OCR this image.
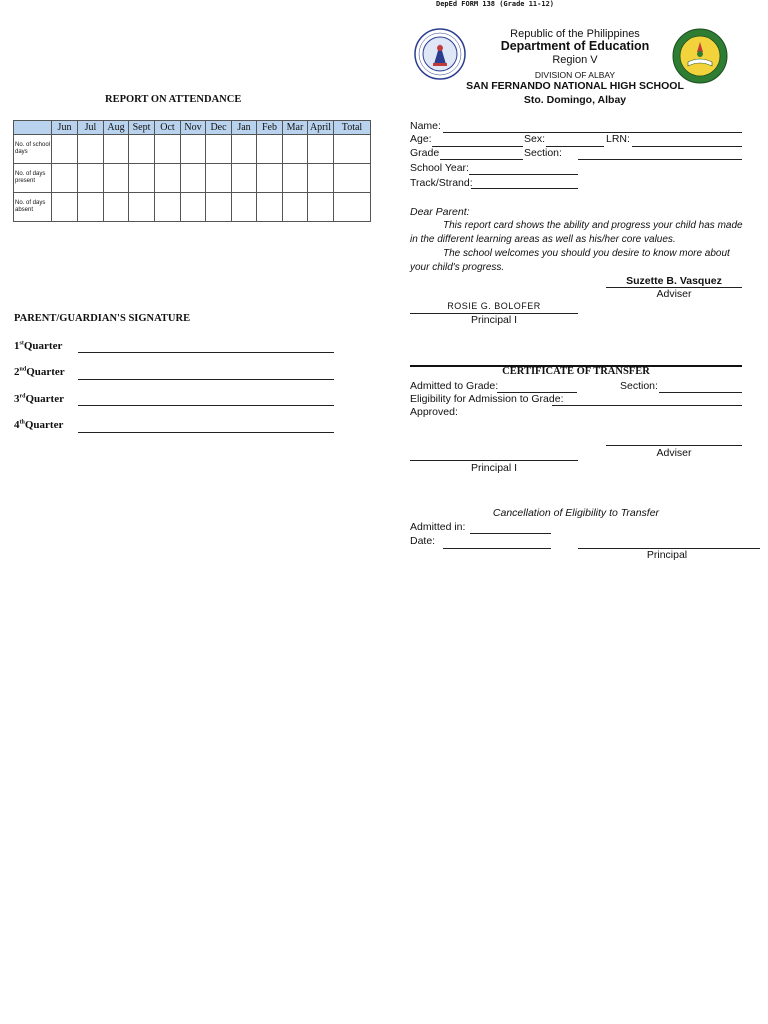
DepEd FORM 138 (Grade 11-12)
Republic of the Philippines
Department of Education
Region V
DIVISION OF ALBAY
SAN FERNANDO NATIONAL HIGH SCHOOL
Sto. Domingo, Albay
REPORT ON ATTENDANCE
	Jun	Jul	Aug	Sept	Oct	Nov	Dec	Jan	Feb	Mar	April	Total
No. of school days												
No. of days present												
No. of days absent												
PARENT/GUARDIAN'S SIGNATURE
1stQuarter
2ndQuarter
3rdQuarter
4thQuarter
Name:
Age:	Sex:	LRN:
Grade	Section:
School Year:
Track/Strand:
Dear Parent:
This report card shows the ability and progress your child has made
in the different learning areas as well as his/her core values.
The school welcomes you should you desire to know more about
your child's progress.
Suzette B. Vasquez
Adviser
ROSIE G. BOLOFER
Principal I
CERTIFICATE OF TRANSFER
Admitted to Grade:	Section:
Eligibility for Admission to Grade:
Approved:
Adviser
Principal I
Cancellation of Eligibility to Transfer
Admitted in:
Date:
Principal
